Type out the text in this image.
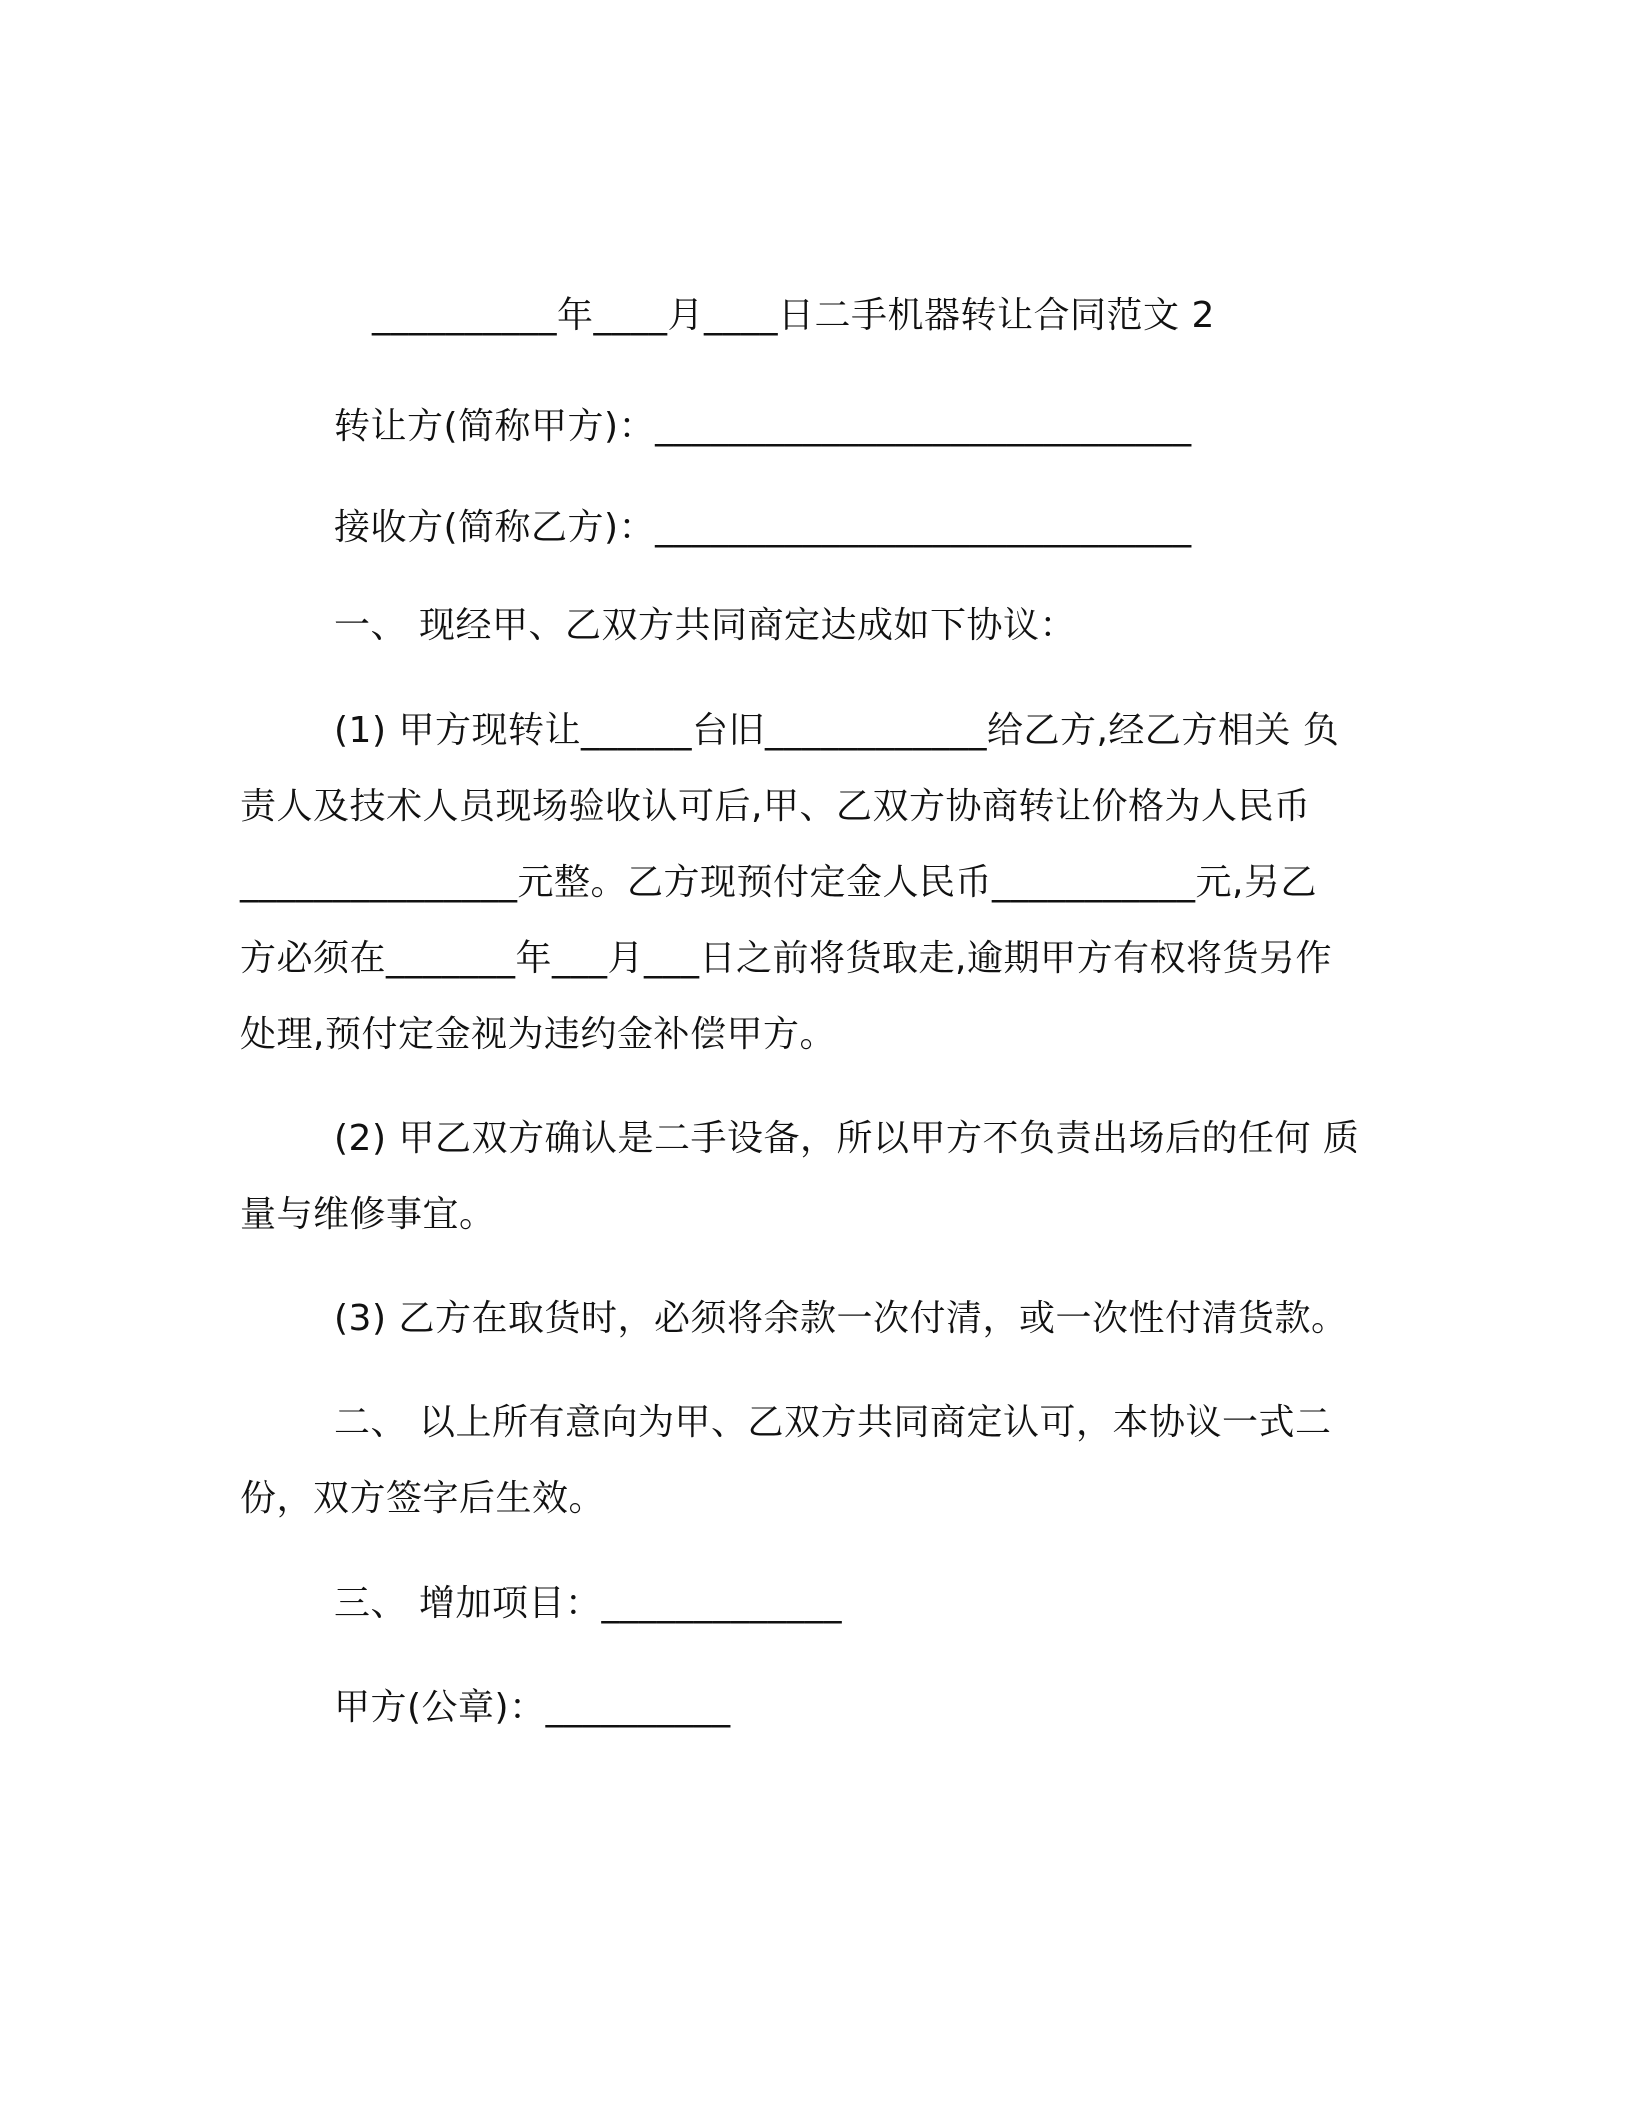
__________年____月____日二手机器转让合同范文 2
转让方(简称甲方)：_____________________________
接收方(简称乙方)：_____________________________
一、 现经甲、乙双方共同商定达成如下协议：
(1) 甲方现转让______台旧____________给乙方,经乙方相关 负
责人及技术人员现场验收认可后,甲、乙双方协商转让价格为人民币
_______________元整。乙方现预付定金人民币___________元,另乙
方必须在_______年___月___日之前将货取走,逾期甲方有权将货另作
处理,预付定金视为违约金补偿甲方。
(2) 甲乙双方确认是二手设备，所以甲方不负责出场后的任何 质
量与维修事宜。
(3) 乙方在取货时，必须将余款一次付清，或一次性付清货款。
二、 以上所有意向为甲、乙双方共同商定认可，本协议一式二
份，双方签字后生效。
三、 增加项目：_____________
甲方(公章)：__________
